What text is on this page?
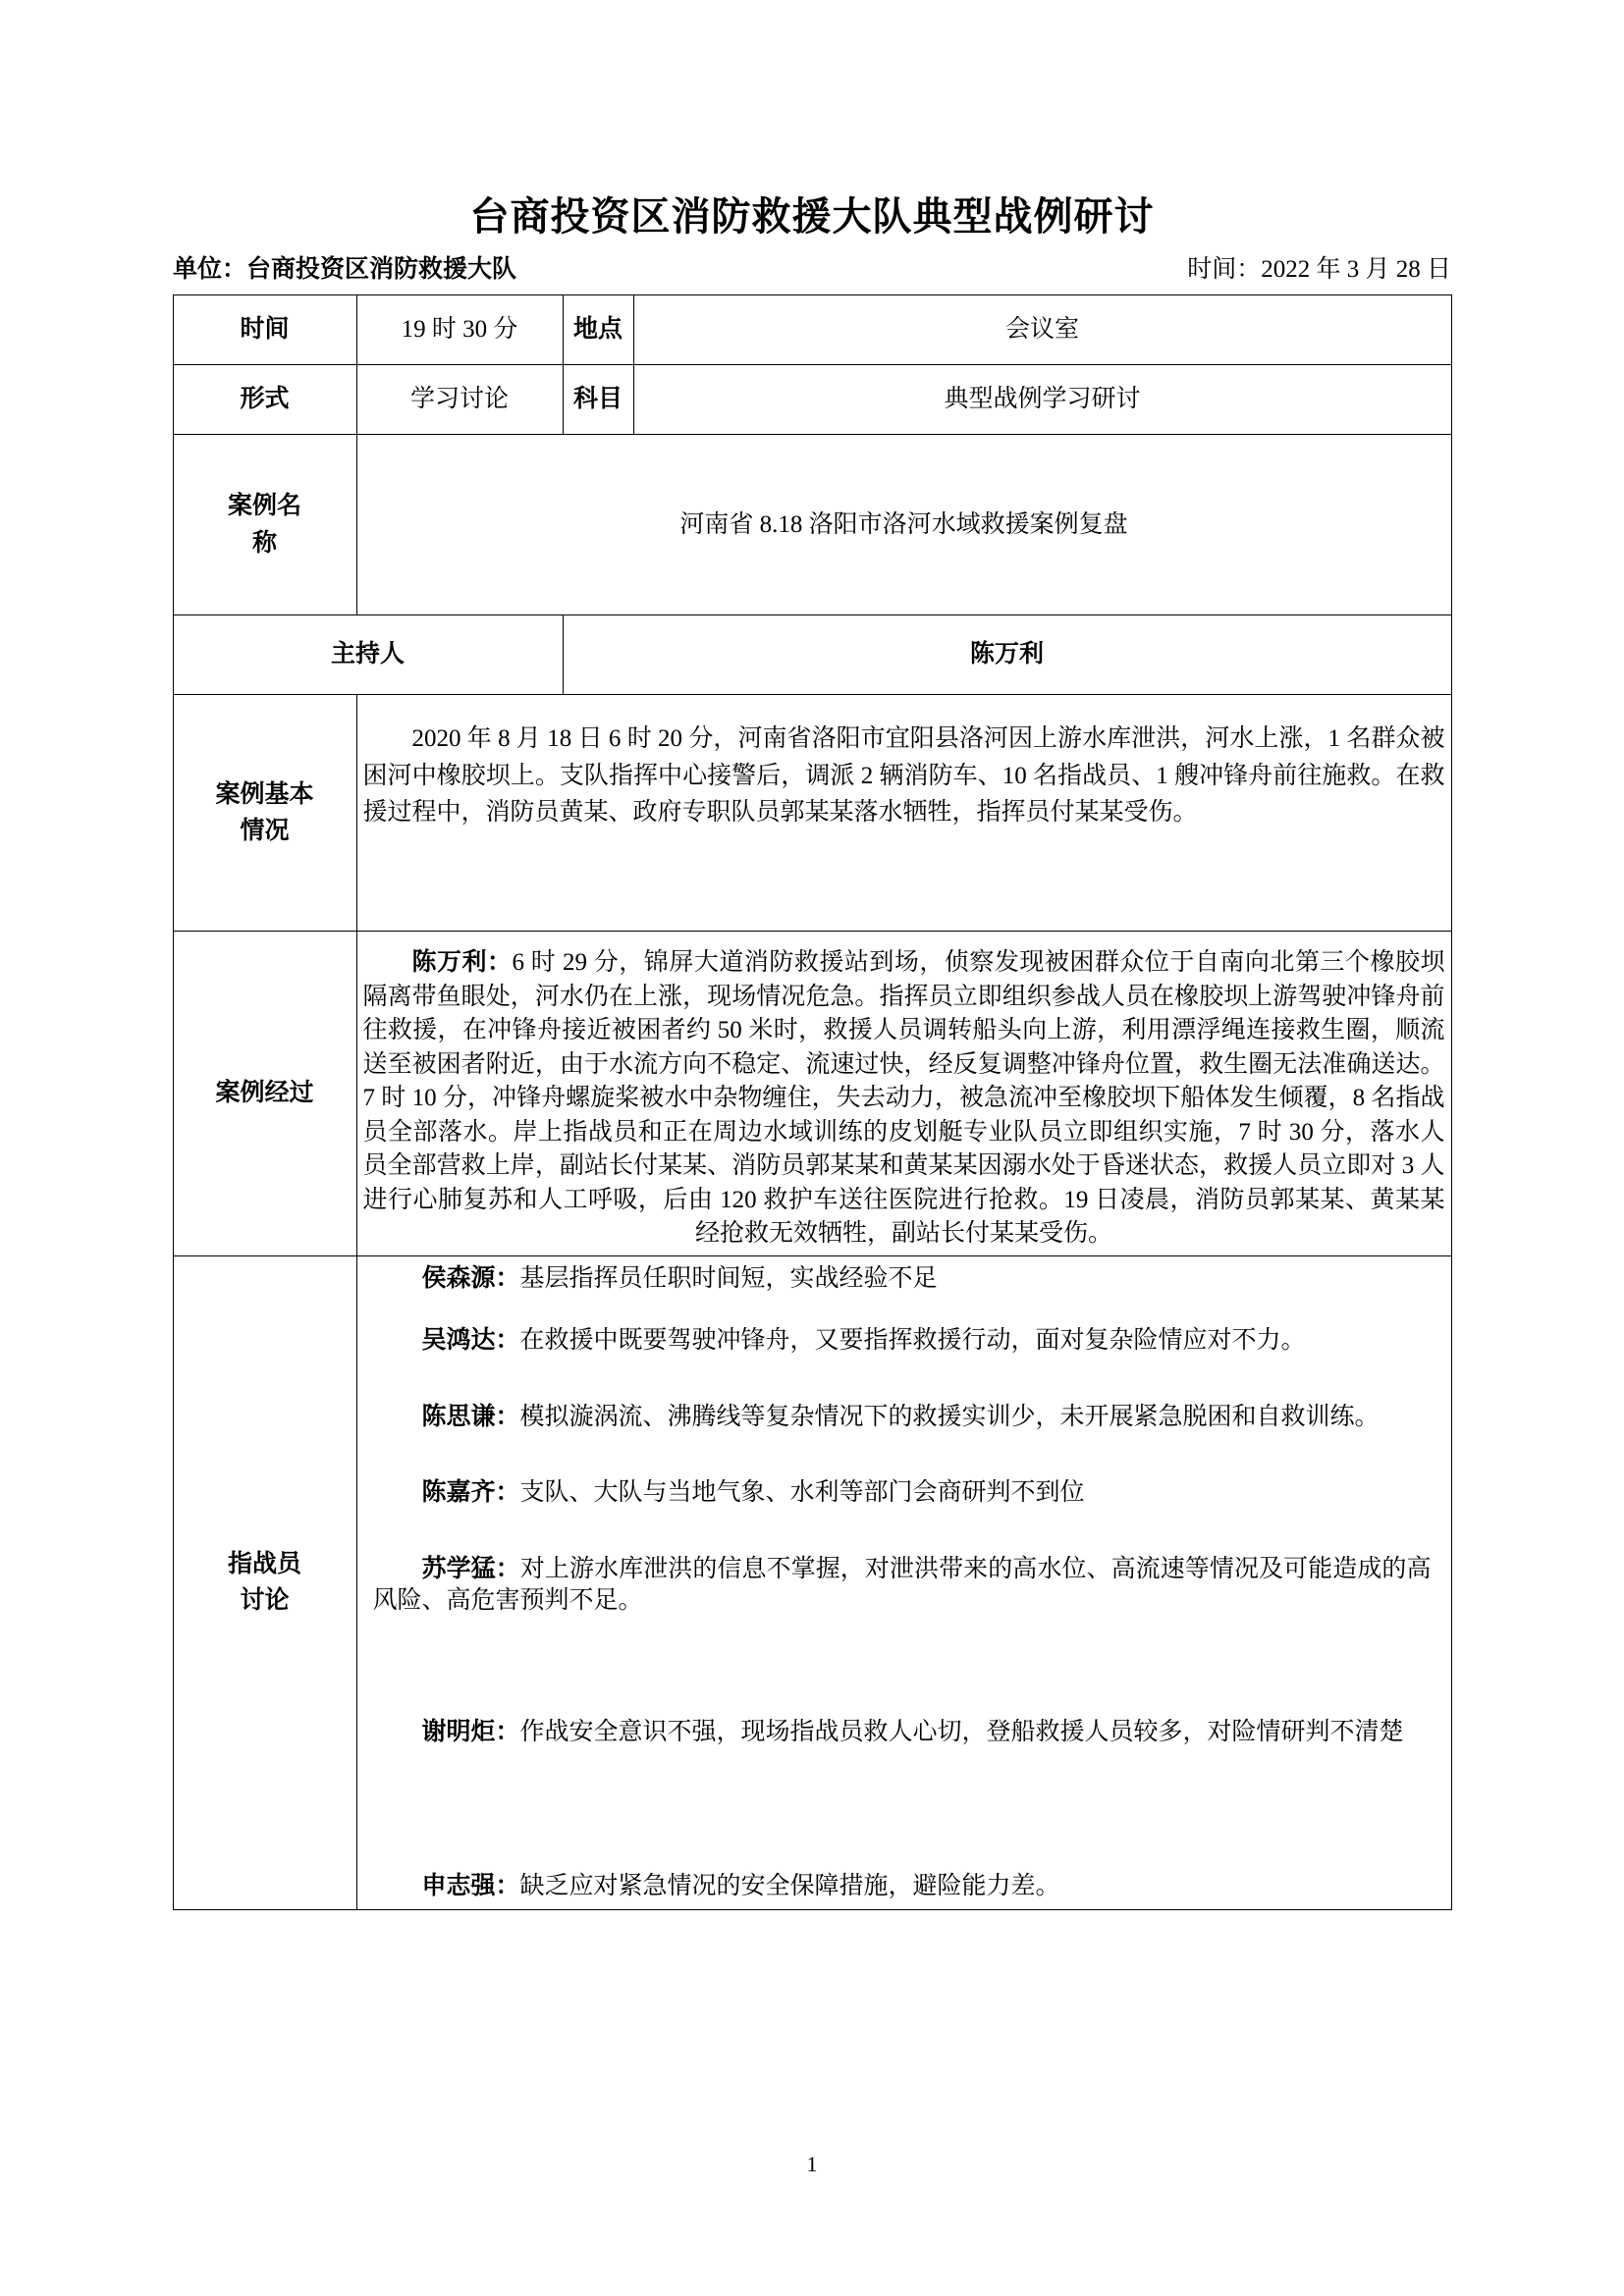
台商投资区消防救援大队典型战例研讨
单位：台商投资区消防救援大队	时间：2022 年 3 月 28 日
时间	19 时 30 分	地点	会议室
形式	学习讨论	科目	典型战例学习研讨

案例名
称	河南省 8.18 洛阳市洛河水域救援案例复盘		
主持人		陈万利	

案例基本
情况	2020 年 8 月 18 日 6 时 20 分，河南省洛阳市宜阳县洛河因上游水库泄洪，河水上涨，1 名群众被困河中橡胶坝上。支队指挥中心接警后，调派 2 辆消防车、10 名指战员、1 艘冲锋舟前往施救。在救援过程中，消防员黄某、政府专职队员郭某某落水牺牲，指挥员付某某受伤。		
案例经过	陈万利：6 时 29 分，锦屏大道消防救援站到场，侦察发现被困群众位于自南向北第三个橡胶坝隔离带鱼眼处，河水仍在上涨，现场情况危急。指挥员立即组织参战人员在橡胶坝上游驾驶冲锋舟前往救援，在冲锋舟接近被困者约 50 米时，救援人员调转船头向上游，利用漂浮绳连接救生圈，顺流送至被困者附近，由于水流方向不稳定、流速过快，经反复调整冲锋舟位置，救生圈无法准确送达。7 时 10 分，冲锋舟螺旋桨被水中杂物缠住，失去动力，被急流冲至橡胶坝下船体发生倾覆，8 名指战员全部落水。岸上指战员和正在周边水域训练的皮划艇专业队员立即组织实施，7 时 30 分，落水人员全部营救上岸，副站长付某某、消防员郭某某和黄某某因溺水处于昏迷状态，救援人员立即对 3 人进行心肺复苏和人工呼吸，后由 120 救护车送往医院进行抢救。19 日凌晨，消防员郭某某、黄某某经抢救无效牺牲，副站长付某某受伤。		

指战员
讨论

侯森源：基层指挥员任职时间短，实战经验不足
吴鸿达：在救援中既要驾驶冲锋舟，又要指挥救援行动，面对复杂险情应对不力。
陈思谦：模拟漩涡流、沸腾线等复杂情况下的救援实训少，未开展紧急脱困和自救训练。
陈嘉齐：支队、大队与当地气象、水利等部门会商研判不到位
苏学猛：对上游水库泄洪的信息不掌握，对泄洪带来的高水位、高流速等情况及可能造成的高风险、高危害预判不足。
谢明炬：作战安全意识不强，现场指战员救人心切，登船救援人员较多，对险情研判不清楚
申志强：缺乏应对紧急情况的安全保障措施，避险能力差。
1
